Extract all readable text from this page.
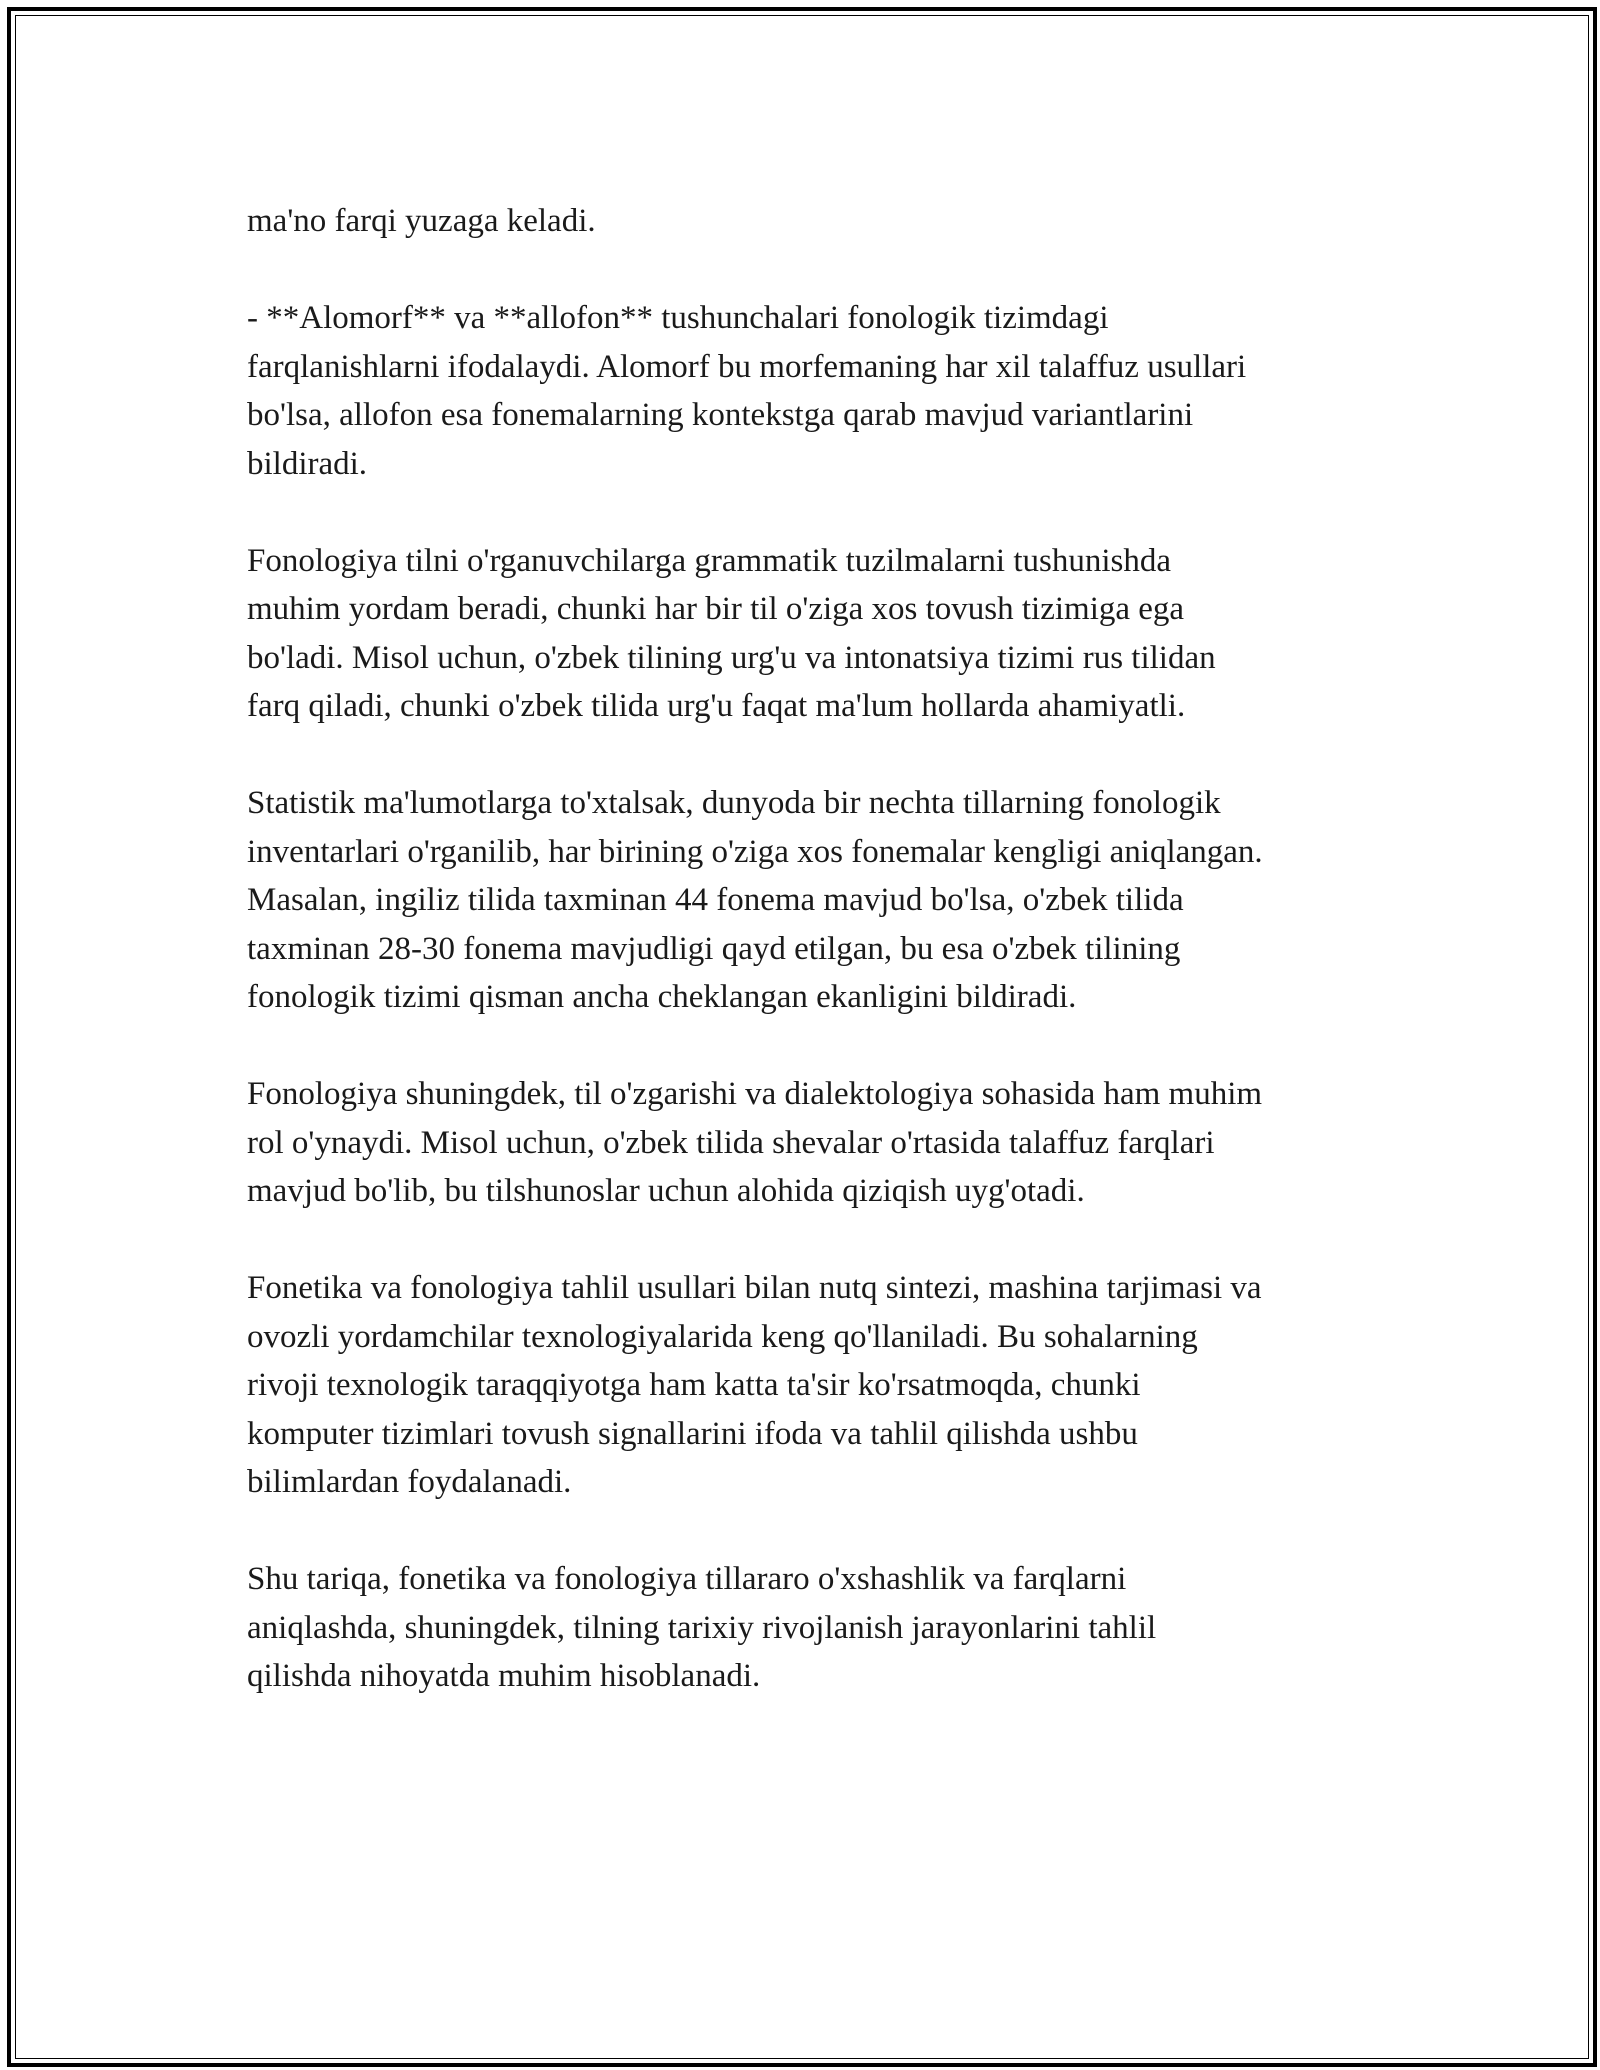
ma'no farqi yuzaga keladi.

- **Alomorf** va **allofon** tushunchalari fonologik tizimdagi
farqlanishlarni ifodalaydi. Alomorf bu morfemaning har xil talaffuz usullari
bo'lsa, allofon esa fonemalarning kontekstga qarab mavjud variantlarini
bildiradi.

Fonologiya tilni o'rganuvchilarga grammatik tuzilmalarni tushunishda
muhim yordam beradi, chunki har bir til o'ziga xos tovush tizimiga ega
bo'ladi. Misol uchun, o'zbek tilining urg'u va intonatsiya tizimi rus tilidan
farq qiladi, chunki o'zbek tilida urg'u faqat ma'lum hollarda ahamiyatli.

Statistik ma'lumotlarga to'xtalsak, dunyoda bir nechta tillarning fonologik
inventarlari o'rganilib, har birining o'ziga xos fonemalar kengligi aniqlangan.
Masalan, ingiliz tilida taxminan 44 fonema mavjud bo'lsa, o'zbek tilida
taxminan 28-30 fonema mavjudligi qayd etilgan, bu esa o'zbek tilining
fonologik tizimi qisman ancha cheklangan ekanligini bildiradi.

Fonologiya shuningdek, til o'zgarishi va dialektologiya sohasida ham muhim
rol o'ynaydi. Misol uchun, o'zbek tilida shevalar o'rtasida talaffuz farqlari
mavjud bo'lib, bu tilshunoslar uchun alohida qiziqish uyg'otadi.

Fonetika va fonologiya tahlil usullari bilan nutq sintezi, mashina tarjimasi va
ovozli yordamchilar texnologiyalarida keng qo'llaniladi. Bu sohalarning
rivoji texnologik taraqqiyotga ham katta ta'sir ko'rsatmoqda, chunki
komputer tizimlari tovush signallarini ifoda va tahlil qilishda ushbu
bilimlardan foydalanadi.

Shu tariqa, fonetika va fonologiya tillararo o'xshashlik va farqlarni
aniqlashda, shuningdek, tilning tarixiy rivojlanish jarayonlarini tahlil
qilishda nihoyatda muhim hisoblanadi.
